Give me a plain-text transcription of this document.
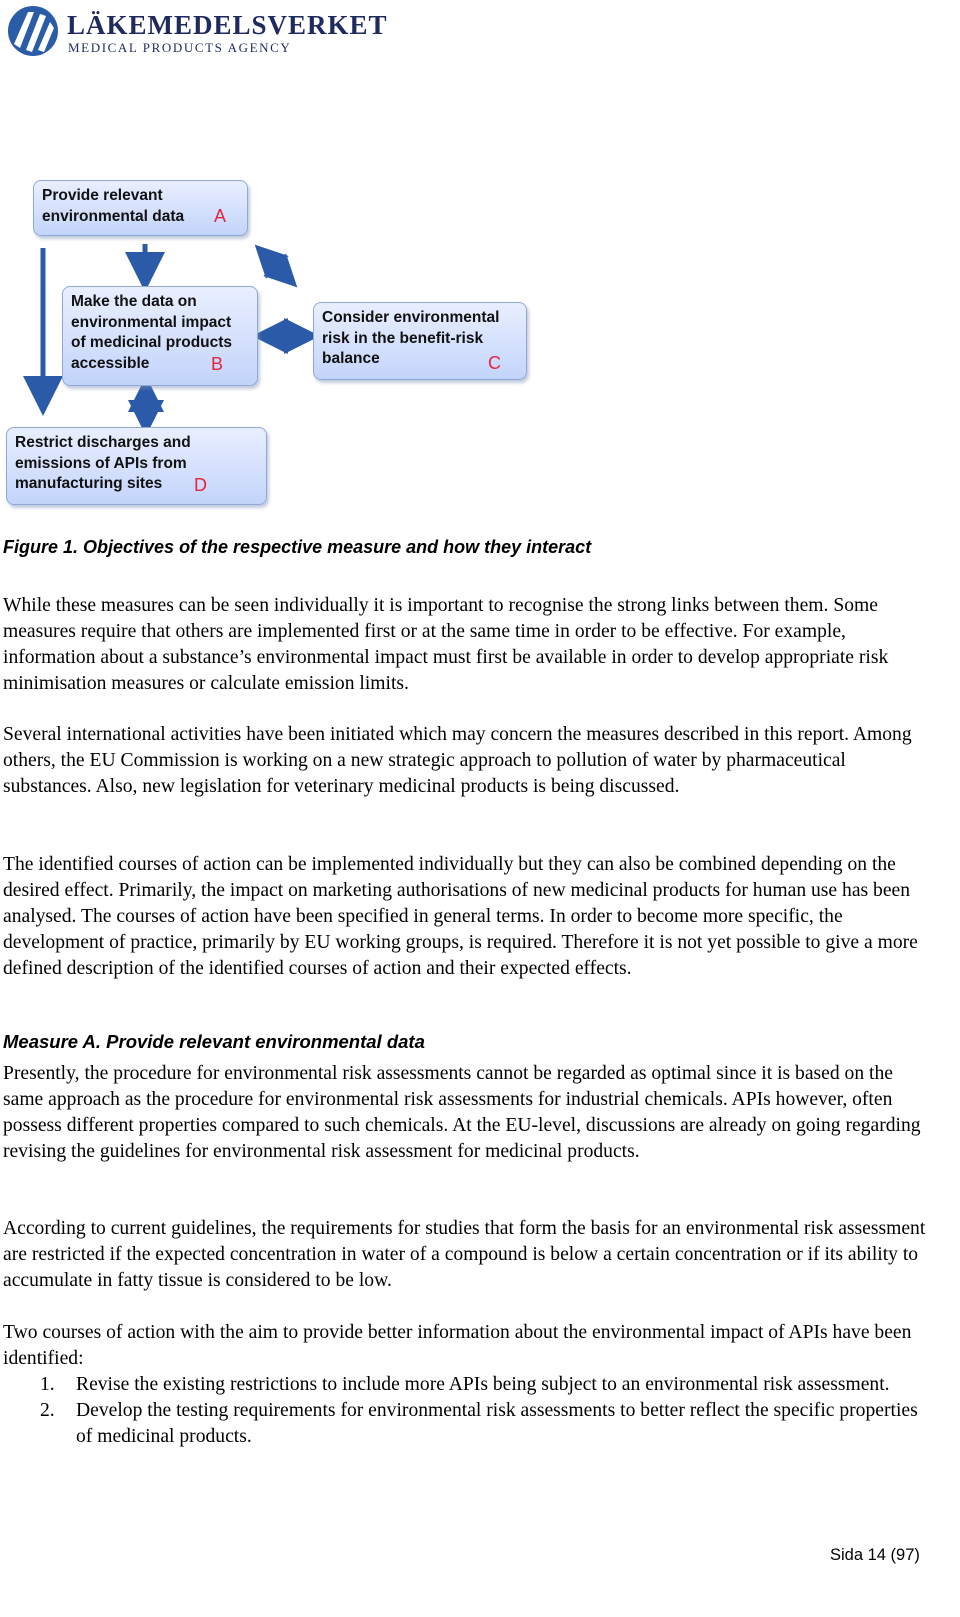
LÄKEMEDELSVERKET
MEDICAL PRODUCTS AGENCY
Provide relevant
environmental data	A
Make the data on
environmental impact
of medicinal products
accessible	B
Consider environmental
risk in the benefit-risk
balance	C
Restrict discharges and
emissions of APIs from
manufacturing sites	D
Figure 1. Objectives of the respective measure and how they interact

While these measures can be seen individually it is important to recognise the strong links between them. Some measures require that others are implemented first or at the same time in order to be effective. For example, information about a substance’s environmental impact must first be available in order to develop appropriate risk minimisation measures or calculate emission limits.

Several international activities have been initiated which may concern the measures described in this report. Among others, the EU Commission is working on a new strategic approach to pollution of water by pharmaceutical substances. Also, new legislation for veterinary medicinal products is being discussed.

The identified courses of action can be implemented individually but they can also be combined depending on the desired effect. Primarily, the impact on marketing authorisations of new medicinal products for human use has been analysed. The courses of action have been specified in general terms. In order to become more specific, the development of practice, primarily by EU working groups, is required. Therefore it is not yet possible to give a more defined description of the identified courses of action and their expected effects.

Measure A. Provide relevant environmental data

Presently, the procedure for environmental risk assessments cannot be regarded as optimal since it is based on the same approach as the procedure for environmental risk assessments for industrial chemicals. APIs however, often possess different properties compared to such chemicals. At the EU-level, discussions are already on going regarding revising the guidelines for environmental risk assessment for medicinal products.

According to current guidelines, the requirements for studies that form the basis for an environmental risk assessment are restricted if the expected concentration in water of a compound is below a certain concentration or if its ability to accumulate in fatty tissue is considered to be low.

Two courses of action with the aim to provide better information about the environmental impact of APIs have been identified:

1. Revise the existing restrictions to include more APIs being subject to an environmental risk assessment.
2. Develop the testing requirements for environmental risk assessments to better reflect the specific properties of medicinal products.
Sida 14 (97)
